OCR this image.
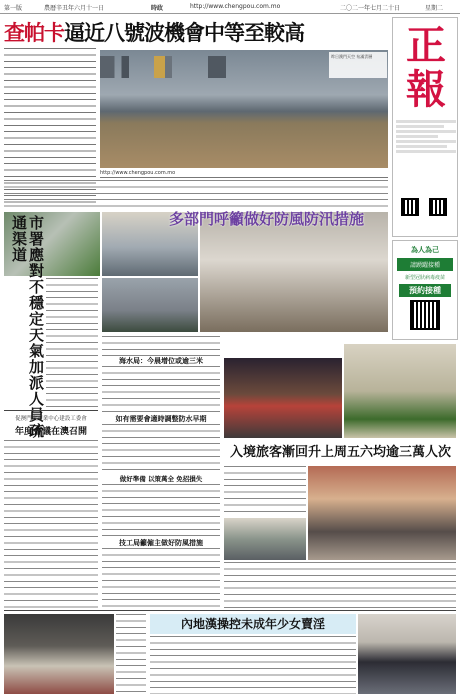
第一版	農曆辛丑年六月十一日	時政	http://www.chengpou.com.mo	二〇二一年七月二十日	星期二
查帕卡逼近八號波機會中等至較高	正
報
為人為己
請踴躍接種
新型冠狀病毒疫苗
預約接種
昨日澳門天空 布滿雲層
http://www.chengpou.com.mo
多部門呼籲做好防風防汛措施
市署應對不穩定天氣加派人員疏通渠道
促澳門旅遊業中心建設工委會
年度會議在澳召開
海水局：今晨增位或逾三米
如有需要會適時調整防水早期
做好準備 以策萬全 免招損失
技工局籲僱主做好防風措施
入境旅客漸回升上周五六均逾三萬人次
內地漢操控未成年少女賣淫
